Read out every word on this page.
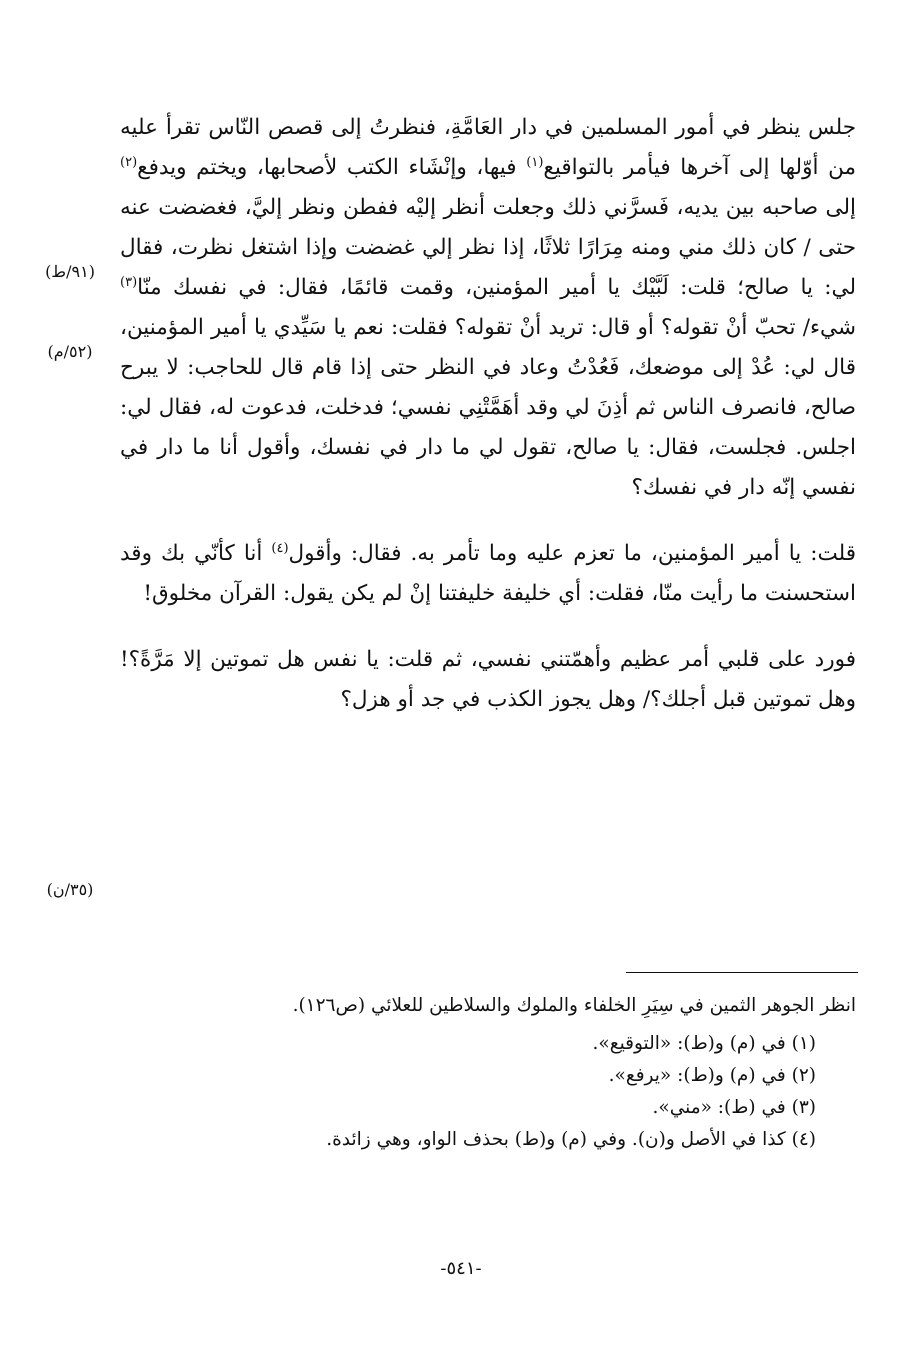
جلس ينظر في أمور المسلمين في دار العَامَّةِ، فنظرتُ إلى قصص النّاس تقرأ عليه من أوّلها إلى آخرها فيأمر بالتواقيع$^{(١)}$ فيها، وإنْشَاء الكتب لأصحابها، ويختم ويدفع$^{(٢)}$ إلى صاحبه بين يديه، فَسرَّني ذلك وجعلت أنظر إليْه ففطن ونظر إليَّ، فغضضت عنه حتى / كان ذلك مني ومنه مِرَارًا ثلاثًا، إذا نظر إلي غضضت وإذا اشتغل نظرت، فقال لي: يا صالح؛ قلت: لَبَّيْك يا أمير المؤمنين، وقمت قائمًا، فقال: في نفسك منّا$^{(٣)}$ شيء/ تحبّ أنْ تقوله؟ أو قال: تريد أنْ تقوله؟ فقلت: نعم يا سَيِّدي يا أمير المؤمنين، قال لي: عُدْ إلى موضعك، فَعُدْتُ وعاد في النظر حتى إذا قام قال للحاجب: لا يبرح صالح، فانصرف الناس ثم أذِنَ لي وقد أهَمَّتْنِي نفسي؛ فدخلت، فدعوت له، فقال لي: اجلس. فجلست، فقال: يا صالح، تقول لي ما دار في نفسك، وأقول أنا ما دار في نفسي إنّه دار في نفسك؟

قلت: يا أمير المؤمنين، ما تعزم عليه وما تأمر به. فقال: وأقول$^{(٤)}$ أنا كأنّي بك وقد استحسنت ما رأيت منّا، فقلت: أي خليفة خليفتنا إنْ لم يكن يقول: القرآن مخلوق!

فورد على قلبي أمر عظيم وأهمّتني نفسي، ثم قلت: يا نفس هل تموتين إلا مَرَّةً؟! وهل تموتين قبل أجلك؟/ وهل يجوز الكذب في جد أو هزل؟

(٩١/ط)
(٥٢/م)
(٣٥/ن)

انظر الجوهر الثمين في سِيَرِ الخلفاء والملوك والسلاطين للعلائي (ص١٢٦).

(١) في (م) و(ط): «التوقيع».

(٢) في (م) و(ط): «يرفع».

(٣) في (ط): «مني».

(٤) كذا في الأصل و(ن). وفي (م) و(ط) بحذف الواو، وهي زائدة.

-٥٤١-
